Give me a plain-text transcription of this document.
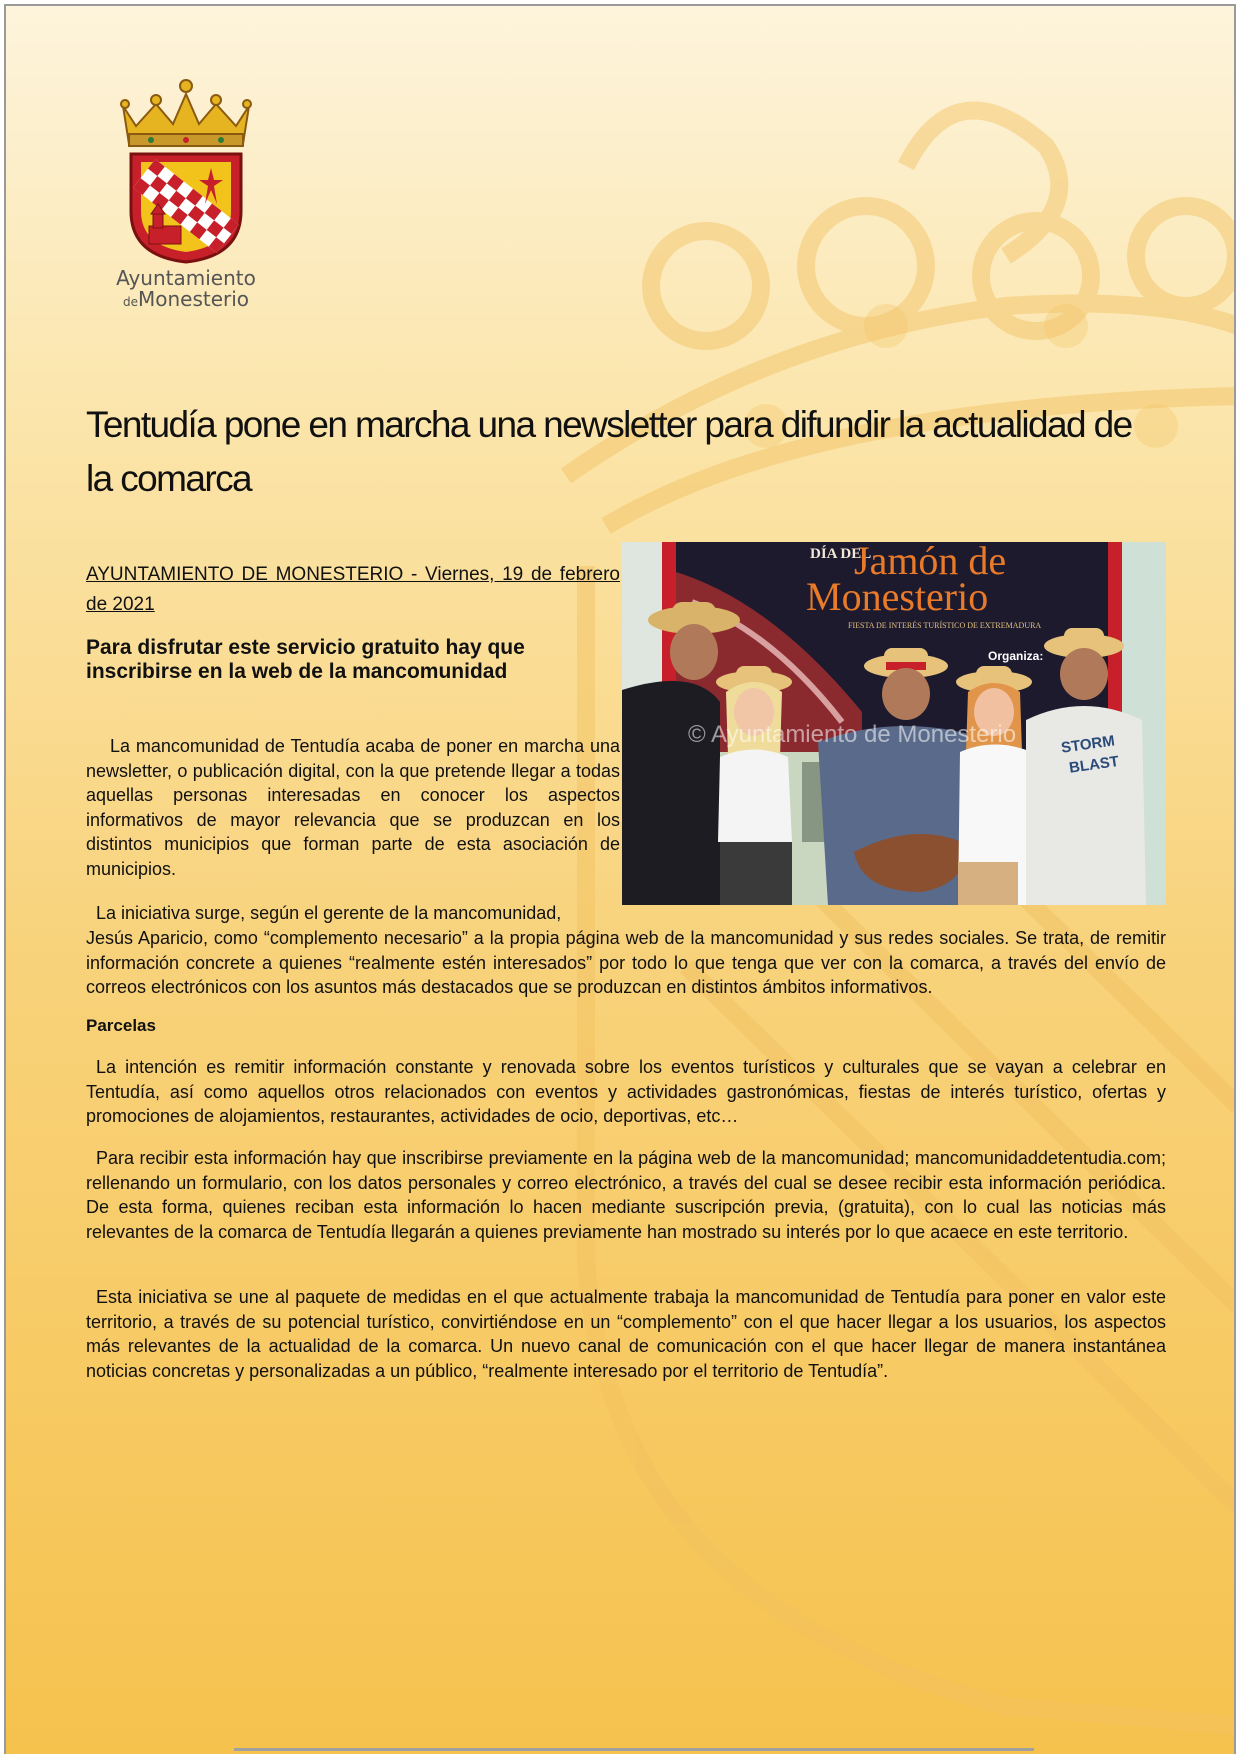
Ayuntamiento
deMonesterio
Tentudía pone en marcha una newsletter para difundir la actualidad de la comarca

AYUNTAMIENTO DE MONESTERIO - Viernes, 19 de febrero de 2021

Para disfrutar este servicio gratuito hay que inscribirse en la web de la mancomunidad
DÍA DEL
Jamón de
Monesterio
FIESTA DE INTERÉS TURÍSTICO DE EXTREMADURA
Organiza:
STORM
BLAST
© Ayuntamiento de Monesterio

La mancomunidad de Tentudía acaba de poner en marcha una newsletter, o publicación digital, con la que pretende llegar a todas aquellas personas interesadas en conocer los aspectos informativos de mayor relevancia que se produzcan en los distintos municipios que forman parte de esta asociación de municipios.

La iniciativa surge, según el gerente de la mancomunidad,

Jesús Aparicio, como “complemento necesario” a la propia página web de la mancomunidad y sus redes sociales. Se trata, de remitir información concrete a quienes “realmente estén interesados” por todo lo que tenga que ver con la comarca, a través del envío de correos electrónicos con los asuntos más destacados que se produzcan en distintos ámbitos informativos.

Parcelas

La intención es remitir información constante y renovada sobre los eventos turísticos y culturales que se vayan a celebrar en Tentudía, así como aquellos otros relacionados con eventos y actividades gastronómicas, fiestas de interés turístico, ofertas y promociones de alojamientos, restaurantes, actividades de ocio, deportivas, etc…

Para recibir esta información hay que inscribirse previamente en la página web de la mancomunidad; mancomunidaddetentudia.com; rellenando un formulario, con los datos personales y correo electrónico, a través del cual se desee recibir esta información periódica. De esta forma, quienes reciban esta información lo hacen mediante suscripción previa, (gratuita), con lo cual las noticias más relevantes de la comarca de Tentudía llegarán a quienes previamente han mostrado su interés por lo que acaece en este territorio.

Esta iniciativa se une al paquete de medidas en el que actualmente trabaja la mancomunidad de Tentudía para poner en valor este territorio, a través de su potencial turístico, convirtiéndose en un “complemento” con el que hacer llegar a los usuarios, los aspectos más relevantes de la actualidad de la comarca. Un nuevo canal de comunicación con el que hacer llegar de manera instantánea noticias concretas y personalizadas a un público, “realmente interesado por el territorio de Tentudía”.
